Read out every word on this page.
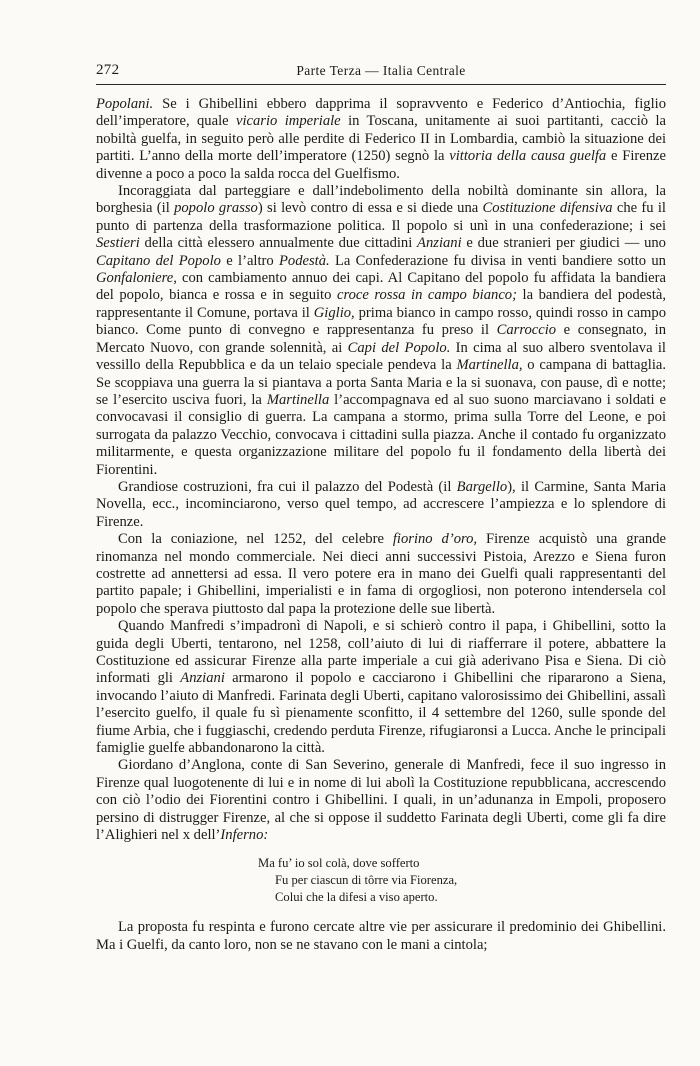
272	Parte Terza — Italia Centrale

Popolani. Se i Ghibellini ebbero dapprima il sopravvento e Federico d’Antiochia, figlio dell’imperatore, quale vicario imperiale in Toscana, unitamente ai suoi partitanti, cacciò la nobiltà guelfa, in seguito però alle perdite di Federico II in Lombardia, cambiò la situazione dei partiti. L’anno della morte dell’imperatore (1250) segnò la vittoria della causa guelfa e Firenze divenne a poco a poco la salda rocca del Guelfismo.

Incoraggiata dal parteggiare e dall’indebolimento della nobiltà dominante sin allora, la borghesia (il popolo grasso) si levò contro di essa e si diede una Costituzione difensiva che fu il punto di partenza della trasformazione politica. Il popolo si unì in una confederazione; i sei Sestieri della città elessero annualmente due cittadini Anziani e due stranieri per giudici — uno Capitano del Popolo e l’altro Podestà. La Confederazione fu divisa in venti bandiere sotto un Gonfaloniere, con cambiamento annuo dei capi. Al Capitano del popolo fu affidata la bandiera del popolo, bianca e rossa e in seguito croce rossa in campo bianco; la bandiera del podestà, rappresentante il Comune, portava il Giglio, prima bianco in campo rosso, quindi rosso in campo bianco. Come punto di convegno e rappresentanza fu preso il Carroccio e consegnato, in Mercato Nuovo, con grande solennità, ai Capi del Popolo. In cima al suo albero sventolava il vessillo della Repubblica e da un telaio speciale pendeva la Martinella, o campana di battaglia. Se scoppiava una guerra la si piantava a porta Santa Maria e la si suonava, con pause, dì e notte; se l’esercito usciva fuori, la Martinella l’accompagnava ed al suo suono marciavano i soldati e convocavasi il consiglio di guerra. La campana a stormo, prima sulla Torre del Leone, e poi surrogata da palazzo Vecchio, convocava i cittadini sulla piazza. Anche il contado fu organizzato militarmente, e questa organizzazione militare del popolo fu il fondamento della libertà dei Fiorentini.

Grandiose costruzioni, fra cui il palazzo del Podestà (il Bargello), il Carmine, Santa Maria Novella, ecc., incominciarono, verso quel tempo, ad accrescere l’ampiezza e lo splendore di Firenze.

Con la coniazione, nel 1252, del celebre fiorino d’oro, Firenze acquistò una grande rinomanza nel mondo commerciale. Nei dieci anni successivi Pistoia, Arezzo e Siena furon costrette ad annettersi ad essa. Il vero potere era in mano dei Guelfi quali rappresentanti del partito papale; i Ghibellini, imperialisti e in fama di orgogliosi, non poterono intendersela col popolo che sperava piuttosto dal papa la protezione delle sue libertà.

Quando Manfredi s’impadronì di Napoli, e si schierò contro il papa, i Ghibellini, sotto la guida degli Uberti, tentarono, nel 1258, coll’aiuto di lui di riafferrare il potere, abbattere la Costituzione ed assicurar Firenze alla parte imperiale a cui già aderivano Pisa e Siena. Di ciò informati gli Anziani armarono il popolo e cacciarono i Ghibellini che ripararono a Siena, invocando l’aiuto di Manfredi. Farinata degli Uberti, capitano valorosissimo dei Ghibellini, assalì l’esercito guelfo, il quale fu sì pienamente sconfitto, il 4 settembre del 1260, sulle sponde del fiume Arbia, che i fuggiaschi, credendo perduta Firenze, rifugiaronsi a Lucca. Anche le principali famiglie guelfe abbandonarono la città.

Giordano d’Anglona, conte di San Severino, generale di Manfredi, fece il suo ingresso in Firenze qual luogotenente di lui e in nome di lui abolì la Costituzione repubblicana, accrescendo con ciò l’odio dei Fiorentini contro i Ghibellini. I quali, in un’adunanza in Empoli, proposero persino di distrugger Firenze, al che si oppose il suddetto Farinata degli Uberti, come gli fa dire l’Alighieri nel x dell’Inferno:

Ma fu’ io sol colà, dove sofferto
Fu per ciascun di tôrre via Fiorenza,
Colui che la difesi a viso aperto.

La proposta fu respinta e furono cercate altre vie per assicurare il predominio dei Ghibellini. Ma i Guelfi, da canto loro, non se ne stavano con le mani a cintola;
